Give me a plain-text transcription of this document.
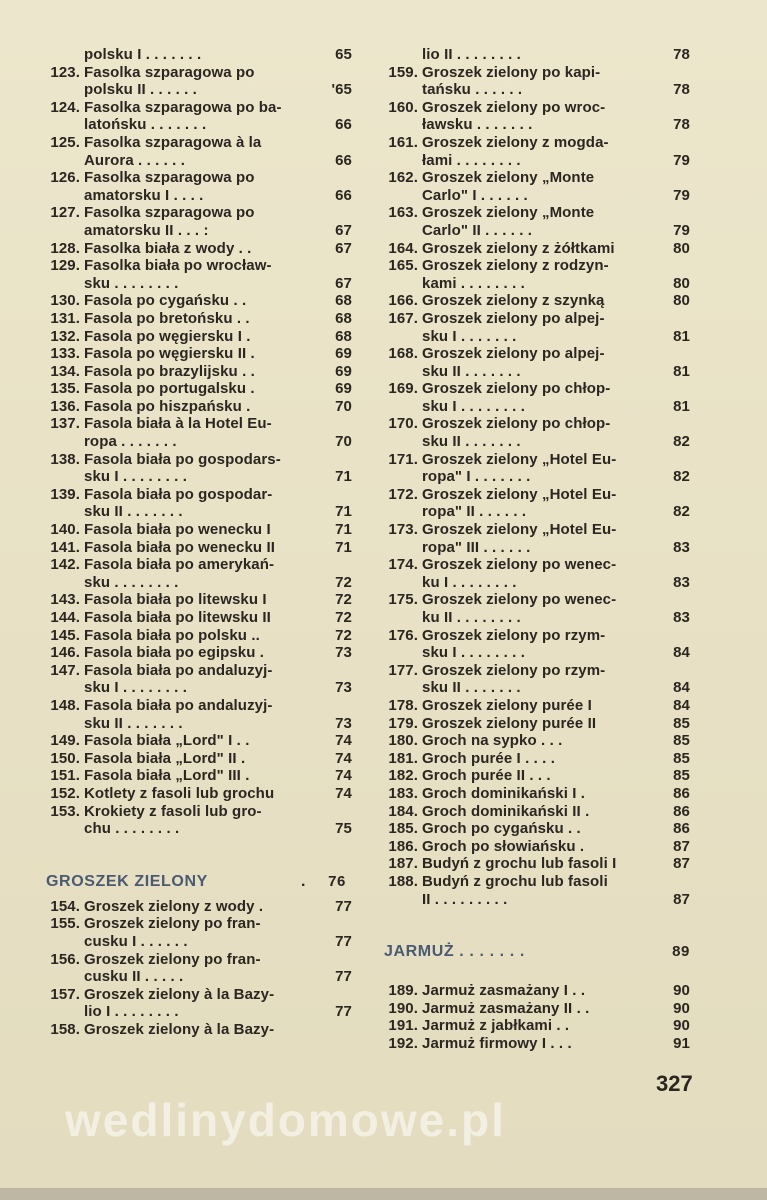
polsku I . . . . . . .	65
123. Fasolka szparagowa po
polsku II . . . . . .	'65
124. Fasolka szparagowa po ba-
latońsku . . . . . . .	66
125. Fasolka szparagowa à la
Aurora . . . . . .	66
126. Fasolka szparagowa po
amatorsku I . . . .	66
127. Fasolka szparagowa po
amatorsku II . . . :	67
128. Fasolka biała z wody . .	67
129. Fasolka biała po wrocław-
sku . . . . . . . .	67
130. Fasola po cygańsku . .	68
131. Fasola po bretońsku . .	68
132. Fasola po węgiersku I .	68
133. Fasola po węgiersku II .	69
134. Fasola po brazylijsku . .	69
135. Fasola po portugalsku .	69
136. Fasola po hiszpańsku .	70
137. Fasola biała à la Hotel Eu-
ropa . . . . . . .	70
138. Fasola biała po gospodars-
sku I . . . . . . . .	71
139. Fasola biała po gospodar-
sku II . . . . . . .	71
140. Fasola biała po wenecku I	71
141. Fasola biała po wenecku II	71
142. Fasola biała po amerykań-
sku . . . . . . . .	72
143. Fasola biała po litewsku I	72
144. Fasola biała po litewsku II	72
145. Fasola biała po polsku ..	72
146. Fasola biała po egipsku .	73
147. Fasola biała po andaluzyj-
sku I . . . . . . . .	73
148. Fasola biała po andaluzyj-
sku II . . . . . . .	73
149. Fasola biała „Lord" I . .	74
150. Fasola biała „Lord" II .	74
151. Fasola biała „Lord" III .	74
152. Kotlety z fasoli lub grochu	74
153. Krokiety z fasoli lub gro-
chu . . . . . . . .	75
GROSZEK ZIELONY	76
.
154. Groszek zielony z wody .	77
155. Groszek zielony po fran-
cusku I . . . . . .	77
156. Groszek zielony po fran-
cusku II . . . . .	77
157. Groszek zielony à la Bazy-
lio I . . . . . . . .	77
158. Groszek zielony à la Bazy-
lio II . . . . . . . .	78
159. Groszek zielony po kapi-
tańsku . . . . . .	78
160. Groszek zielony po wroc-
ławsku . . . . . . .	78
161. Groszek zielony z mogda-
łami . . . . . . . .	79
162. Groszek zielony „Monte
Carlo" I . . . . . .	79
163. Groszek zielony „Monte
Carlo" II . . . . . .	79
164. Groszek zielony z żółtkami	80
165. Groszek zielony z rodzyn-
kami . . . . . . . .	80
166. Groszek zielony z szynką	80
167. Groszek zielony po alpej-
sku I . . . . . . .	81
168. Groszek zielony po alpej-
sku II . . . . . . .	81
169. Groszek zielony po chłop-
sku I . . . . . . . .	81
170. Groszek zielony po chłop-
sku II . . . . . . .	82
171. Groszek zielony „Hotel Eu-
ropa" I . . . . . . .	82
172. Groszek zielony „Hotel Eu-
ropa" II . . . . . .	82
173. Groszek zielony „Hotel Eu-
ropa" III . . . . . .	83
174. Groszek zielony po wenec-
ku I . . . . . . . .	83
175. Groszek zielony po wenec-
ku II . . . . . . . .	83
176. Groszek zielony po rzym-
sku I . . . . . . . .	84
177. Groszek zielony po rzym-
sku II . . . . . . .	84
178. Groszek zielony purée I	84
179. Groszek zielony purée II	85
180. Groch na sypko . . .	85
181. Groch purée I . . . .	85
182. Groch purée II . . .	85
183. Groch dominikański I .	86
184. Groch dominikański II .	86
185. Groch po cygańsku . .	86
186. Groch po słowiańsku .	87
187. Budyń z grochu lub fasoli I	87
188. Budyń z grochu lub fasoli
II . . . . . . . . .	87
JARMUŻ . . . . . . .	89
189. Jarmuż zasmażany I . .	90
190. Jarmuż zasmażany II . .	90
191. Jarmuż z jabłkami . .	90
192. Jarmuż firmowy I . . .	91
327
wedlinydomowe.pl
